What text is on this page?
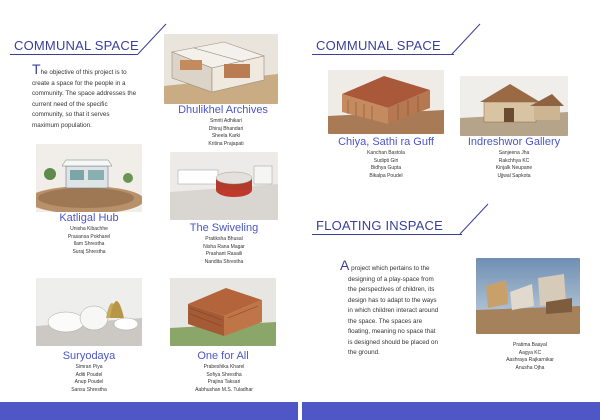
COMMUNAL SPACE
The objective of this project is to
create a space for the people in a
community. The space addresses the
current need of the specific
community, so that it serves
maximum population.
Dhulikhel Archives
Smriti Adhikari
Dhiraj Bhandari
Sheela Karki
Kritina Prajapati
Katligal Hub
Unisha Kibachhe
Prasansa Pokharel
Ilam Shrestha
Suraj Shrestha
The Swiveling
Pratiksha Bhusal
Nisha Rana Magar
Prashant Rasaili
Nandita Shrestha
Suryodaya
Simran Piya
Aditi Poudel
Anup Poudel
Sansu Shrestha
One for All
Prabeshika Kharel
Sofiya Shrestha
Prajina Taksari
Aabhushan M.S. Tuladhar
COMMUNAL SPACE
Chiya, Sathi ra Guff
Kanchan Bastola
Sudipti Giri
Bidhya Gupta
Bikalpa Poudel
Indreshwor Gallery
Sanjeena Jha
Rakchhya KC
Kinjalk Neupane
Ujjwal Sapkota
FLOATING INSPACE
A project which pertains to the
designing of a play-space from
the perspectives of children, its
design has to adapt to the ways
in which children interact around
the space. The spaces are
floating, meaning no space that
is designed should be placed on
the ground.
Pratima Baayal
Aagya KC
Aashraya Rajkarnikar
Anusha Ojha
